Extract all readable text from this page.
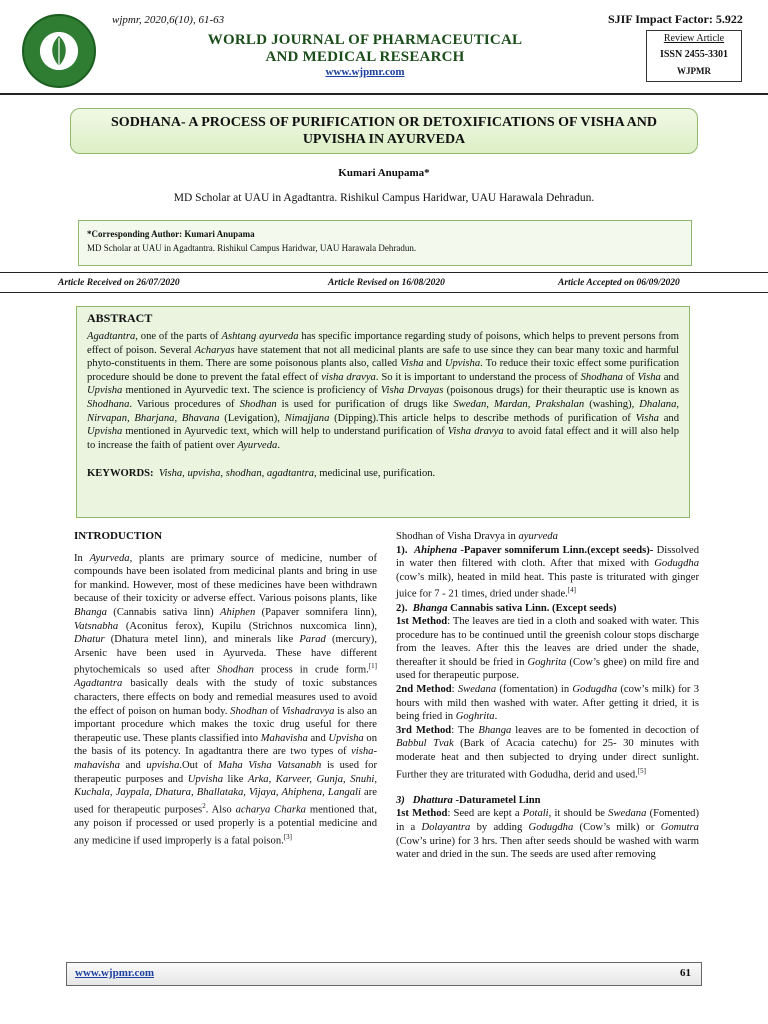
wjpmr, 2020,6(10), 61-63
WORLD JOURNAL OF PHARMACEUTICAL
AND MEDICAL RESEARCH
www.wjpmr.com
SJIF Impact Factor: 5.922
Review Article
ISSN 2455-3301
WJPMR
SODHANA- A PROCESS OF PURIFICATION OR DETOXIFICATIONS OF VISHA AND
UPVISHA IN AYURVEDA
Kumari Anupama*
MD Scholar at UAU in Agadtantra. Rishikul Campus Haridwar, UAU Harawala Dehradun.
*Corresponding Author: Kumari Anupama
MD Scholar at UAU in Agadtantra. Rishikul Campus Haridwar, UAU Harawala Dehradun.
Article Received on 26/07/2020	Article Revised on 16/08/2020	Article Accepted on 06/09/2020
ABSTRACT

Agadtantra, one of the parts of Ashtang ayurveda has specific importance regarding study of poisons, which helps to prevent persons from effect of poison. Several Acharyas have statement that not all medicinal plants are safe to use since they can bear many toxic and harmful phyto-constituents in them. There are some poisonous plants also, called Visha and Upvisha. To reduce their toxic effect some purification procedure should be done to prevent the fatal effect of visha dravya. So it is important to understand the process of Shodhana of Visha and Upvisha mentioned in Ayurvedic text. The science is proficiency of Visha Drvayas (poisonous drugs) for their theuraptic use is known as Shodhana. Various procedures of Shodhan is used for purification of drugs like Swedan, Mardan, Prakshalan (washing), Dhalana, Nirvapan, Bharjana, Bhavana (Levigation), Nimajjana (Dipping).This article helps to describe methods of purification of Visha and Upvisha mentioned in Ayurvedic text, which will help to understand purification of Visha dravya to avoid fatal effect and it will also help to increase the faith of patient over Ayurveda.

KEYWORDS: Visha, upvisha, shodhan, agadtantra, medicinal use, purification.
INTRODUCTION

In Ayurveda, plants are primary source of medicine, number of compounds have been isolated from medicinal plants and bring in use for mankind. However, most of these medicines have been withdrawn because of their toxicity or adverse effect. Various poisons plants, like Bhanga (Cannabis sativa linn) Ahiphen (Papaver somnifera linn), Vatsnabha (Aconitus ferox), Kupilu (Strichnos nuxcomica linn), Dhatur (Dhatura metel linn), and minerals like Parad (mercury), Arsenic have been used in Ayurveda. These have different phytochemicals so used after Shodhan process in crude form.[1] Agadtantra basically deals with the study of toxic substances characters, there effects on body and remedial measures used to avoid the effect of poison on human body. Shodhan of Vishadravya is also an important procedure which makes the toxic drug useful for there therapeutic use. These plants classified into Mahavisha and Upvisha on the basis of its potency. In agadtantra there are two types of visha- mahavisha and upvisha.Out of Maha Visha Vatsanabh is used for therapeutic purposes and Upvisha like Arka, Karveer, Gunja, Snuhi, Kuchala, Jaypala, Dhatura, Bhallataka, Vijaya, Ahiphena, Langali are used for therapeutic purposes$^2$. Also acharya Charka mentioned that, any poison if processed or used properly is a potential medicine and any medicine if used improperly is a fatal poison.[3]

Shodhan of Visha Dravya in ayurveda

1).  Ahiphena -Papaver somniferum Linn.(except seeds)- Dissolved in water then filtered with cloth. After that mixed with Godugdha (cow’s milk), heated in mild heat. This paste is triturated with ginger juice for 7 - 21 times, dried under shade.[4]

2).  Bhanga Cannabis sativa Linn. (Except seeds)
1st Method: The leaves are tied in a cloth and soaked with water. This procedure has to be continued until the greenish colour stops discharge from the leaves. After this the leaves are dried under the shade, thereafter it should be fried in Goghrita (Cow’s ghee) on mild fire and used for therapeutic purpose.
2nd Method: Swedana (fomentation) in Godugdha (cow’s milk) for 3 hours with mild then washed with water. After getting it dried, it is being fried in Goghrita.
3rd Method: The Bhanga leaves are to be fomented in decoction of Babbul Tvak (Bark of Acacia catechu) for 25- 30 minutes with moderate heat and then subjected to drying under direct sunlight. Further they are triturated with Godudha, derid and used.[5]

3) Dhattura -Daturametel Linn
1st Method: Seed are kept a Potali, it should be Swedana (Fomented) in a Dolayantra by adding Godugdha (Cow’s milk) or Gomutra (Cow’s urine) for 3 hrs. Then after seeds should be washed with warm water and dried in the sun. The seeds are used after removing

www.wjpmr.com	61
